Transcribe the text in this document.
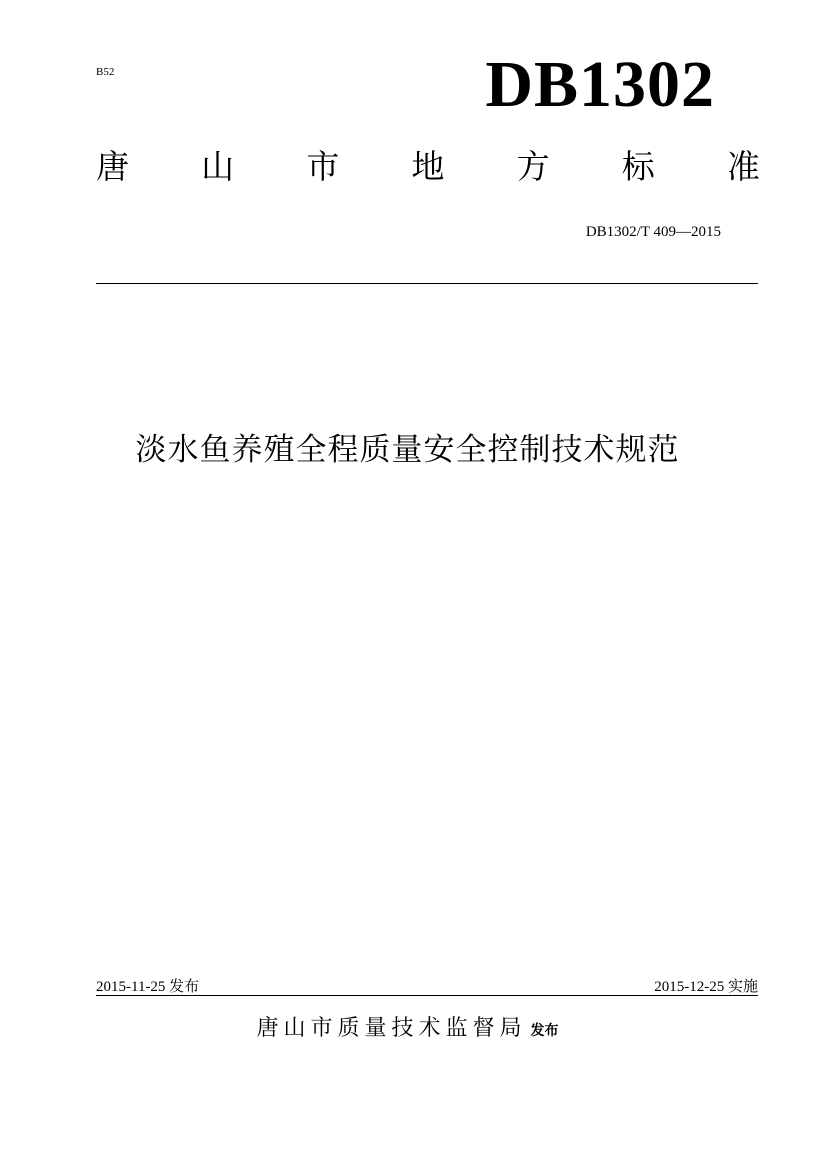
B52	DB1302
唐 山 市 地 方 标 准
DB1302/T 409—2015
淡水鱼养殖全程质量安全控制技术规范
2015-11-25 发布	2015-12-25 实施
唐山市质量技术监督局 发布
